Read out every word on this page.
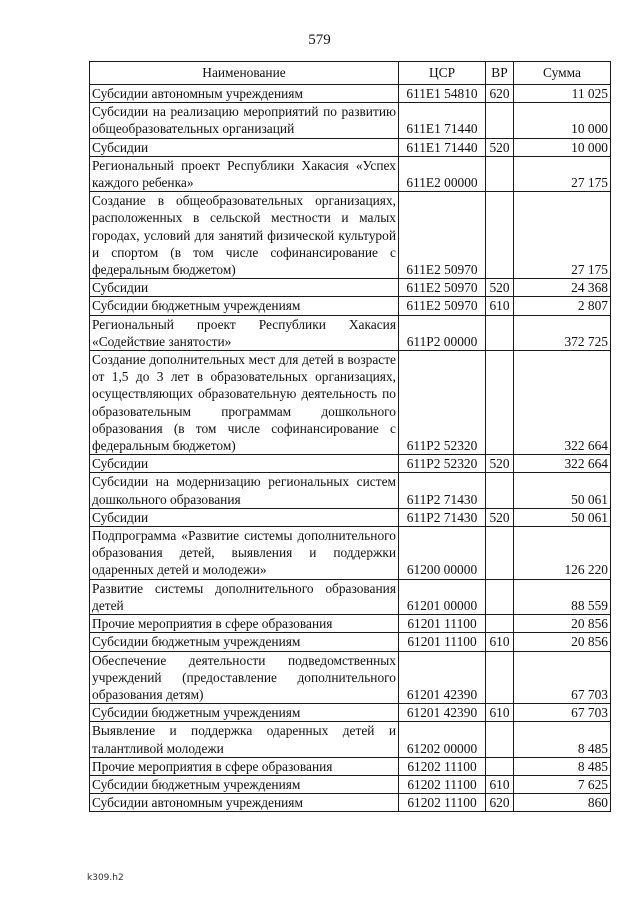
579
Наименование	ЦСР	ВР	Сумма
Субсидии автономным учреждениям	611E1 54810	620	11 025
Субсидии на реализацию мероприятий по развитию общеобразовательных организаций	611E1 71440		10 000
Субсидии	611E1 71440	520	10 000
Региональный проект Республики Хакасия «Успех каждого ребенка»	611E2 00000		27 175
Создание в общеобразовательных организациях, расположенных в сельской местности и малых городах, условий для занятий физической культурой и спортом (в том числе софинансирование с федеральным бюджетом)	611E2 50970		27 175
Субсидии	611E2 50970	520	24 368
Субсидии бюджетным учреждениям	611E2 50970	610	2 807
Региональный проект Республики Хакасия «Содействие занятости»	611P2 00000		372 725
Создание дополнительных мест для детей в возрасте от 1,5 до 3 лет в образовательных организациях, осуществляющих образовательную деятельность по образовательным программам дошкольного образования (в том числе софинансирование с федеральным бюджетом)	611P2 52320		322 664
Субсидии	611P2 52320	520	322 664
Субсидии на модернизацию региональных систем дошкольного образования	611P2 71430		50 061
Субсидии	611P2 71430	520	50 061
Подпрограмма «Развитие системы дополнительного образования детей, выявления и поддержки одаренных детей и молодежи»	61200 00000		126 220
Развитие системы дополнительного образования детей	61201 00000		88 559
Прочие мероприятия в сфере образования	61201 11100		20 856
Субсидии бюджетным учреждениям	61201 11100	610	20 856
Обеспечение деятельности подведомственных учреждений (предоставление дополнительного образования детям)	61201 42390		67 703
Субсидии бюджетным учреждениям	61201 42390	610	67 703
Выявление и поддержка одаренных детей и талантливой молодежи	61202 00000		8 485
Прочие мероприятия в сфере образования	61202 11100		8 485
Субсидии бюджетным учреждениям	61202 11100	610	7 625
Субсидии автономным учреждениям	61202 11100	620	860
k309.h2
